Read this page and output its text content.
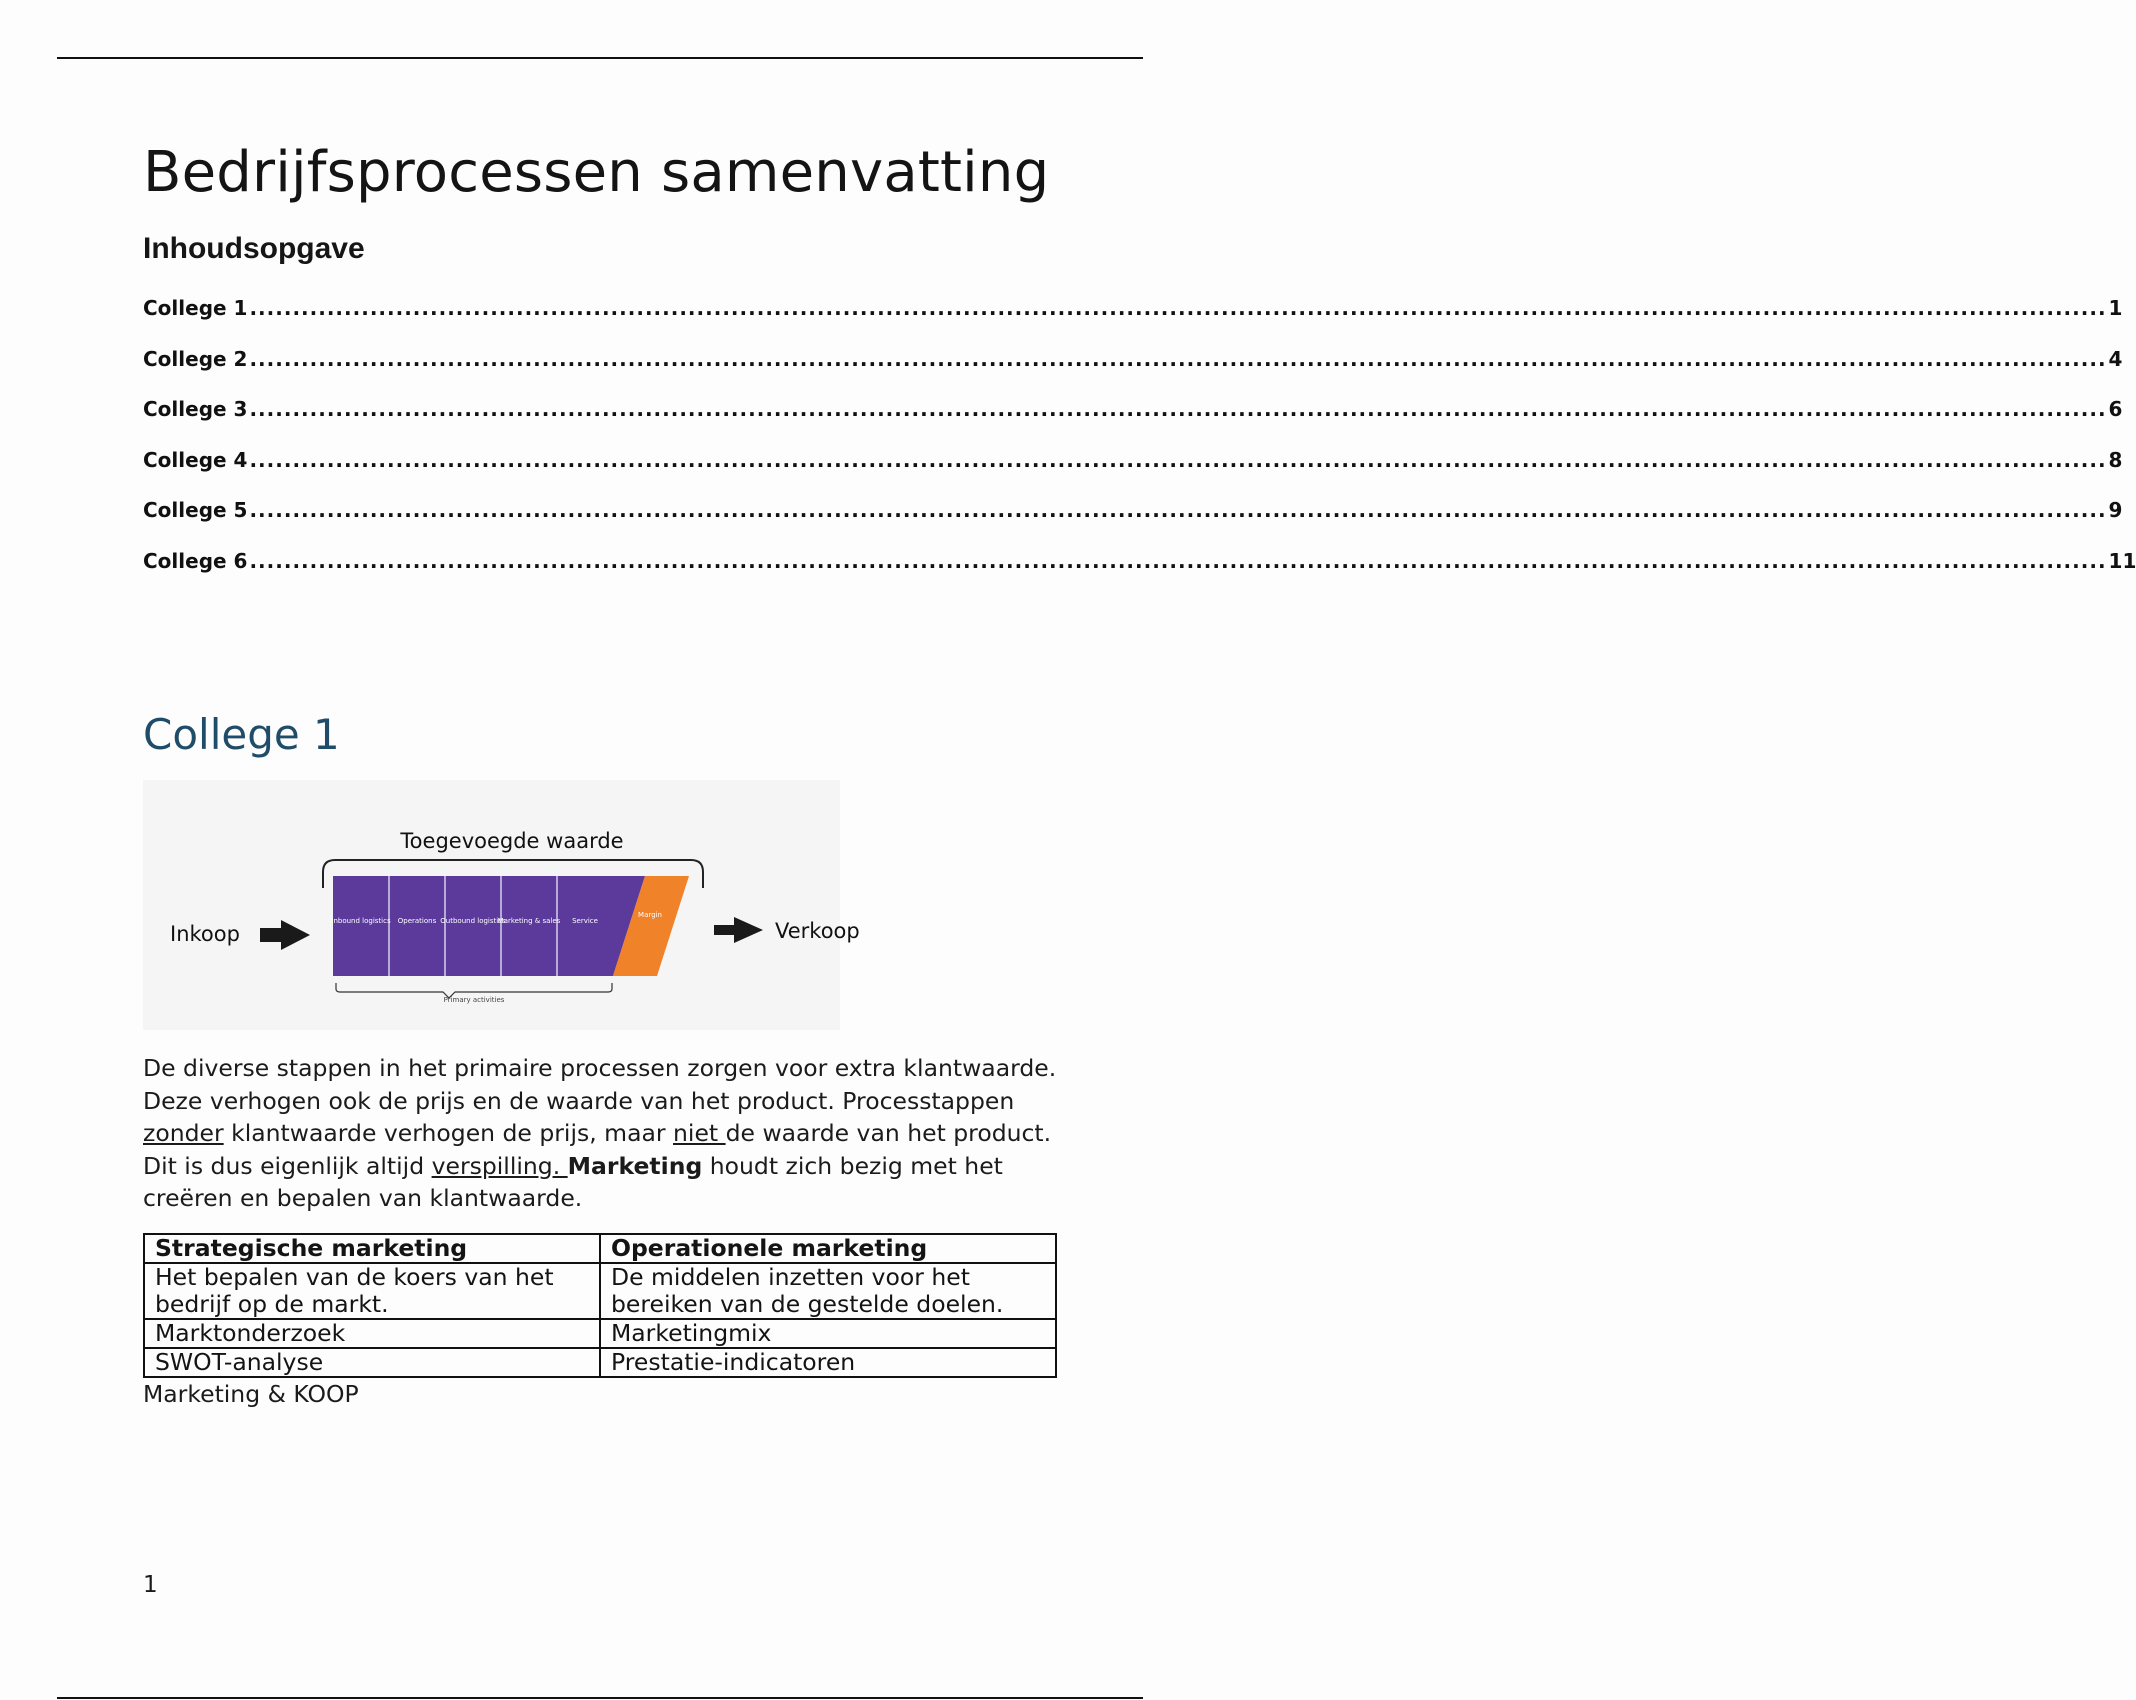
Bedrijfsprocessen samenvatting
Inhoudsopgave
College 1 .....	1
College 2 .....	4
College 3 .....	6
College 4 .....	8
College 5 .....	9
College 6 .....	11
College 1
Toegevoegde waarde
Inkoop
Inbound logistics Operations Outbound logistics
Marketing & sales Service
Margin
Primary activities
Verkoop

De diverse stappen in het primaire processen zorgen voor extra klantwaarde. Deze verhogen ook de prijs en de waarde van het product. Processtappen zonder klantwaarde verhogen de prijs, maar niet de waarde van het product. Dit is dus eigenlijk altijd verspilling. Marketing houdt zich bezig met het creëren en bepalen van klantwaarde.

Strategische marketing	Operationele marketing
Het bepalen van de koers van het bedrijf op de markt.	De middelen inzetten voor het bereiken van de gestelde doelen.
Marktonderzoek	Marketingmix
SWOT-analyse	Prestatie-indicatoren

Marketing & KOOP

1
